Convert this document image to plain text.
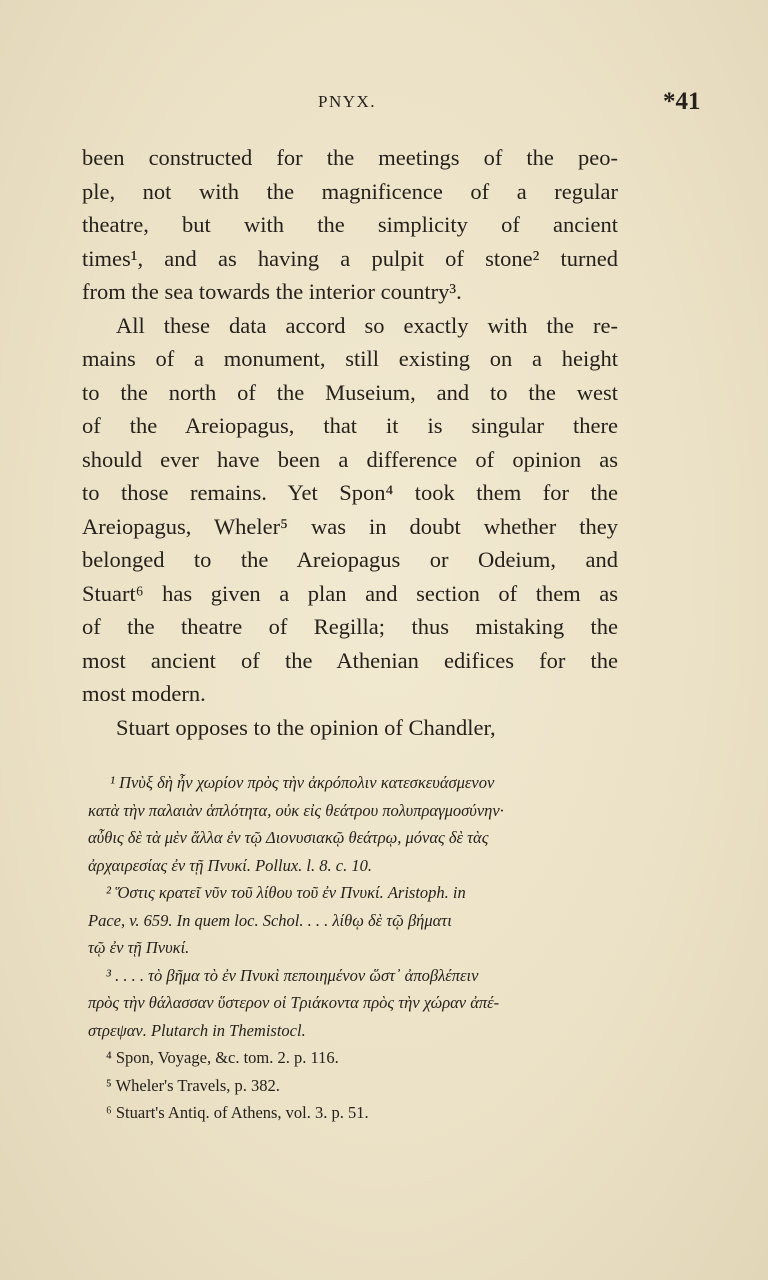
PNYX.	*41
been constructed for the meetings of the peo-
ple, not with the magnificence of a regular
theatre, but with the simplicity of ancient
times¹, and as having a pulpit of stone² turned
from the sea towards the interior country³.
All these data accord so exactly with the re-
mains of a monument, still existing on a height
to the north of the Museium, and to the west
of the Areiopagus, that it is singular there
should ever have been a difference of opinion as
to those remains. Yet Spon⁴ took them for the
Areiopagus, Wheler⁵ was in doubt whether they
belonged to the Areiopagus or Odeium, and
Stuart⁶ has given a plan and section of them as
of the theatre of Regilla; thus mistaking the
most ancient of the Athenian edifices for the
most modern.
Stuart opposes to the opinion of Chandler,
¹ Πνὺξ δὴ ἦν χωρίον πρὸς τὴν ἀκρόπολιν κατεσκευάσμενον
κατὰ τὴν παλαιὰν ἁπλότητα, οὐκ εἰς θεάτρου πολυπραγμοσύνην·
αὖθις δὲ τὰ μὲν ἄλλα ἐν τῷ Διονυσιακῷ θεάτρῳ, μόνας δὲ τὰς
ἀρχαιρεσίας ἐν τῇ Πνυκί. Pollux. l. 8. c. 10.
² Ὅστις κρατεῖ νῦν τοῦ λίθου τοῦ ἐν Πνυκί. Aristoph. in
Pace, v. 659. In quem loc. Schol. . . . λίθῳ δὲ τῷ βήματι
τῷ ἐν τῇ Πνυκί.
³ . . . . τὸ βῆμα τὸ ἐν Πνυκὶ πεποιημένον ὥστ᾽ ἀποβλέπειν
πρὸς τὴν θάλασσαν ὕστερον οἱ Τριάκοντα πρὸς τὴν χώραν ἀπέ-
στρεψαν. Plutarch in Themistocl.
⁴ Spon, Voyage, &c. tom. 2. p. 116.
⁵ Wheler's Travels, p. 382.
⁶ Stuart's Antiq. of Athens, vol. 3. p. 51.
